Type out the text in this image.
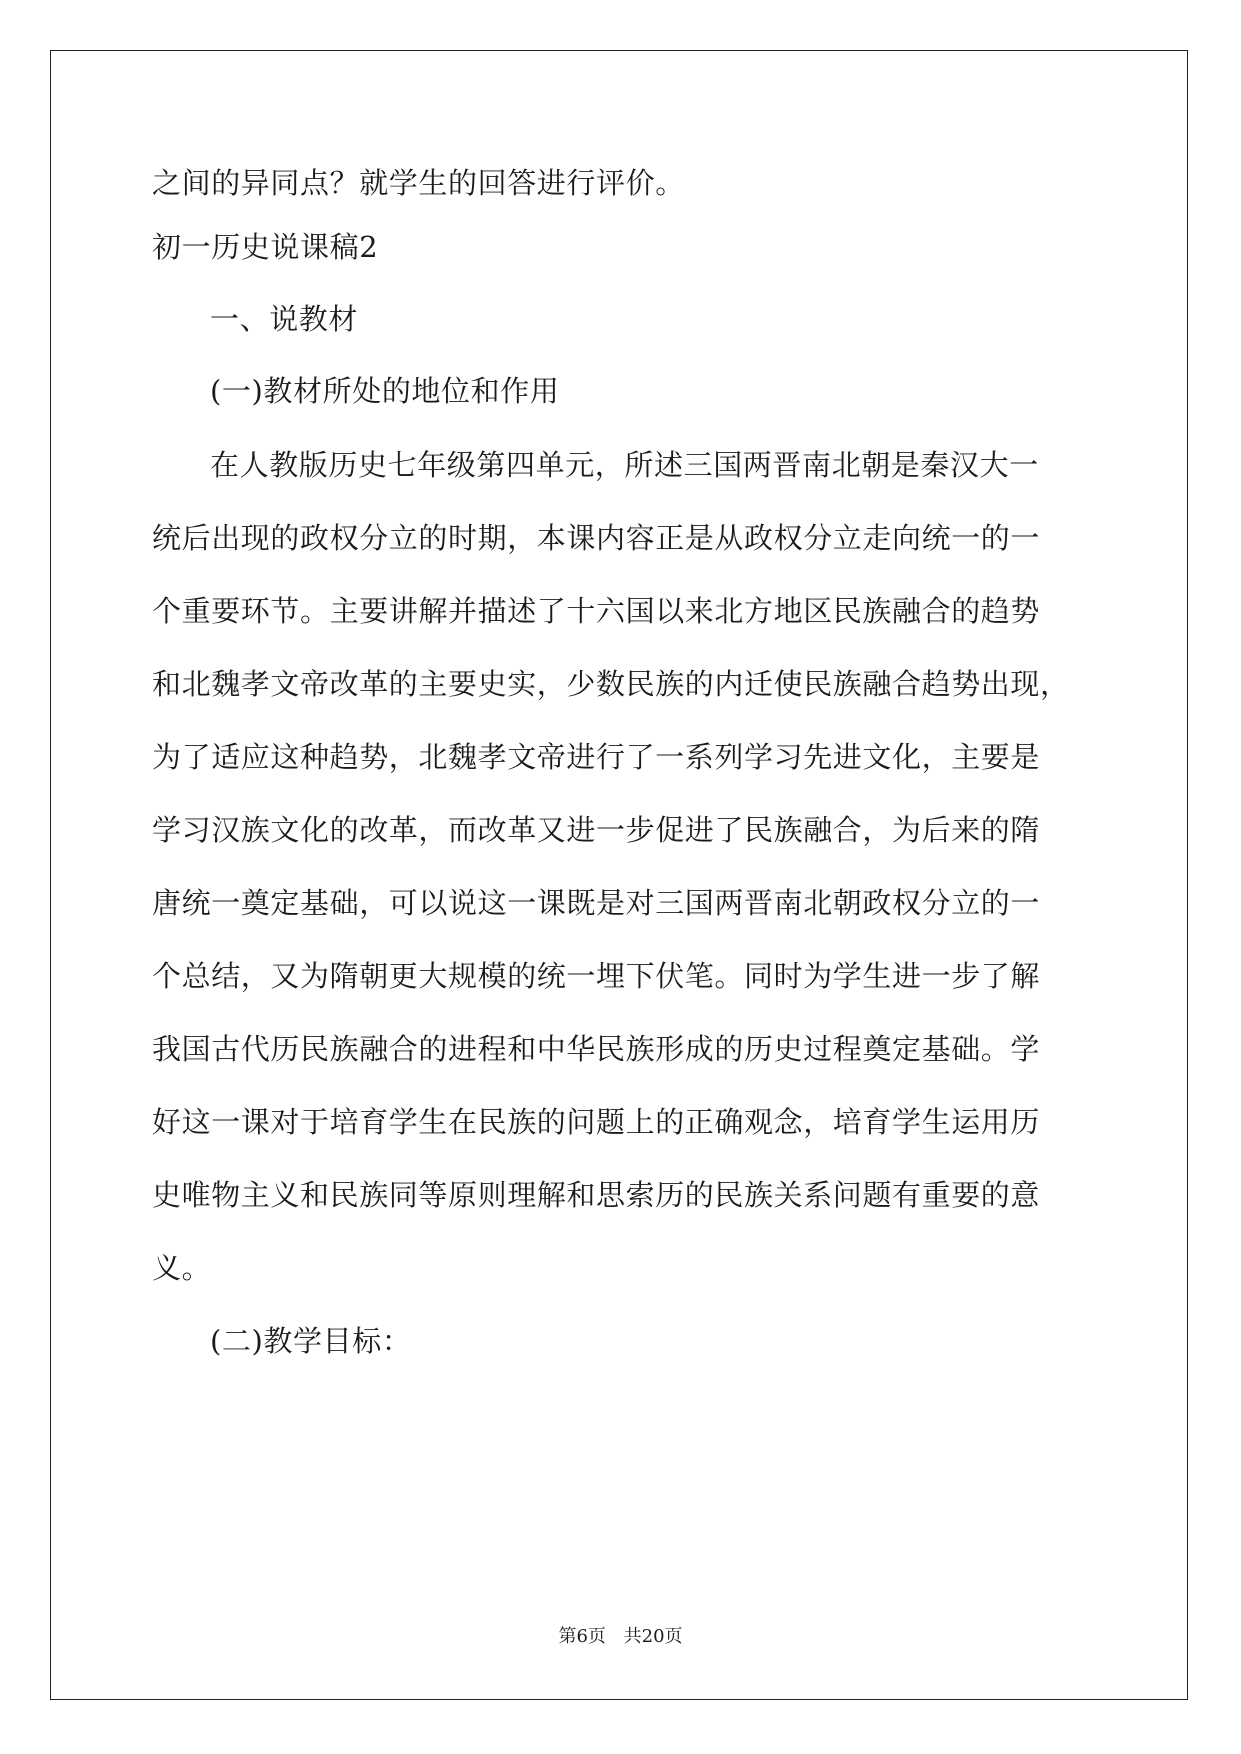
之间的异同点？就学生的回答进行评价。
初一历史说课稿2
一、说教材
(一)教材所处的地位和作用
在人教版历史七年级第四单元，所述三国两晋南北朝是秦汉大一
统后出现的政权分立的时期，本课内容正是从政权分立走向统一的一
个重要环节。主要讲解并描述了十六国以来北方地区民族融合的趋势
和北魏孝文帝改革的主要史实，少数民族的内迁使民族融合趋势出现，
为了适应这种趋势，北魏孝文帝进行了一系列学习先进文化，主要是
学习汉族文化的改革，而改革又进一步促进了民族融合，为后来的隋
唐统一奠定基础，可以说这一课既是对三国两晋南北朝政权分立的一
个总结，又为隋朝更大规模的统一埋下伏笔。同时为学生进一步了解
我国古代历民族融合的进程和中华民族形成的历史过程奠定基础。学
好这一课对于培育学生在民族的问题上的正确观念，培育学生运用历
史唯物主义和民族同等原则理解和思索历的民族关系问题有重要的意
义。
(二)教学目标：
第6页 共20页
